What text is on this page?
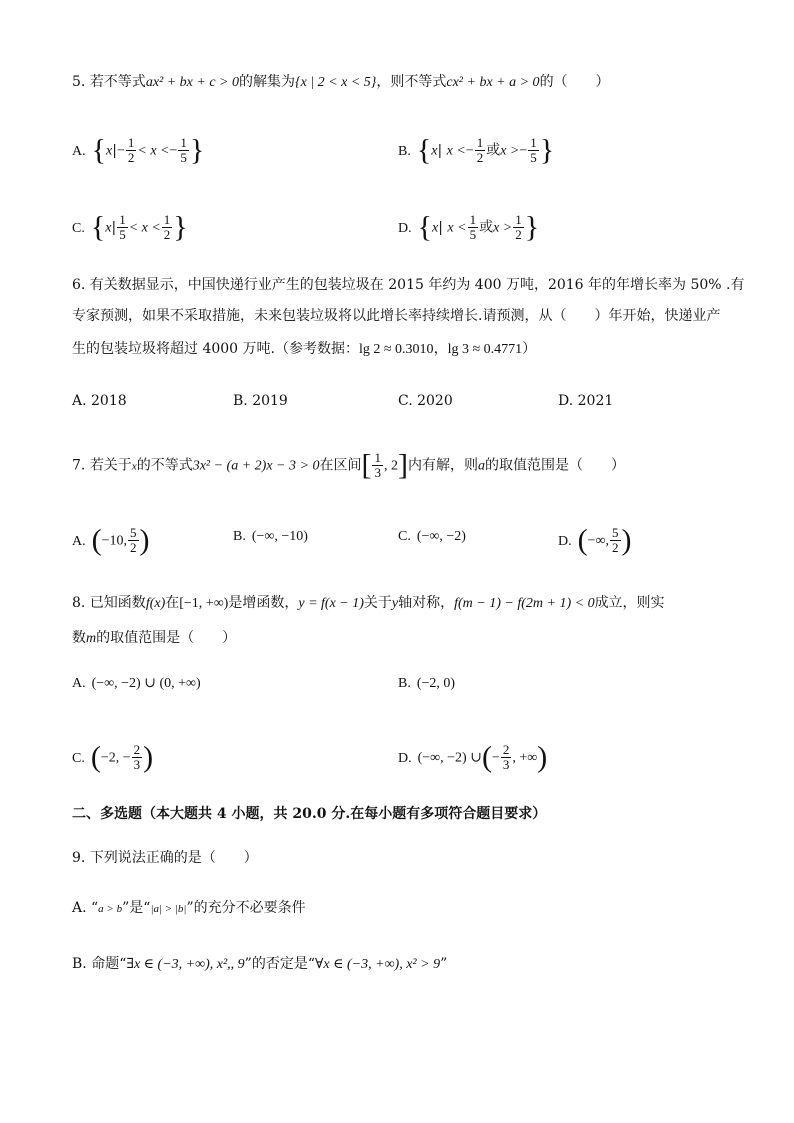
5. 若不等式ax² + bx + c > 0的解集为{x | 2 < x < 5}，则不等式cx² + bx + a > 0的（　　）
A. {$x|- \frac{1}{2} < x <- \frac{1}{5}$ }	B. {x| $x <- \frac{1}{2}$ 或$x >- \frac{1}{5}$ }
C. {$x| \frac{1}{5} < x < \frac{1}{2}$ }	D. {x| $x < \frac{1}{5}$ 或$x > \frac{1}{2}$ }
6. 有关数据显示，中国快递行业产生的包装垃圾在 2015 年约为 400 万吨，2016 年的年增长率为 50% .有
专家预测，如果不采取措施，未来包装垃圾将以此增长率持续增长.请预测，从（　　）年开始，快递业产
生的包装垃圾将超过 4000 万吨.（参考数据：lg 2 ≈ 0.3010，lg 3 ≈ 0.4771）
A. 2018	B. 2019	C. 2020	D. 2021
7. 若关于x的不等式3x² − (a + 2)x − 3 > 0在区间[ $\frac{1}{3}$ , 2]内有解，则a的取值范围是（　　）
A. (−10, $\frac{5}{2}$ )	B. (−∞, −10)	C. (−∞, −2)	D. (−∞, $\frac{5}{2}$ )
8. 已知函数f(x)在[−1, +∞)是增函数，y = f(x − 1)关于y轴对称，f(m − 1) − f(2m + 1) < 0成立，则实
数m的取值范围是（　　）
A. (−∞, −2) ∪ (0, +∞)	B. (−2, 0)
C. (−2, − $\frac{2}{3}$ )	D. (−∞, −2) ∪(− $\frac{2}{3}$ , +∞)
二、多选题（本大题共 4 小题，共 20.0 分.在每小题有多项符合题目要求）
9. 下列说法正确的是（　　）
A. “a > b”是“|a| > |b|”的充分不必要条件
B. 命题“∃x ∈ (−3, +∞), x²,, 9”的否定是“∀x ∈ (−3, +∞), x² > 9”
